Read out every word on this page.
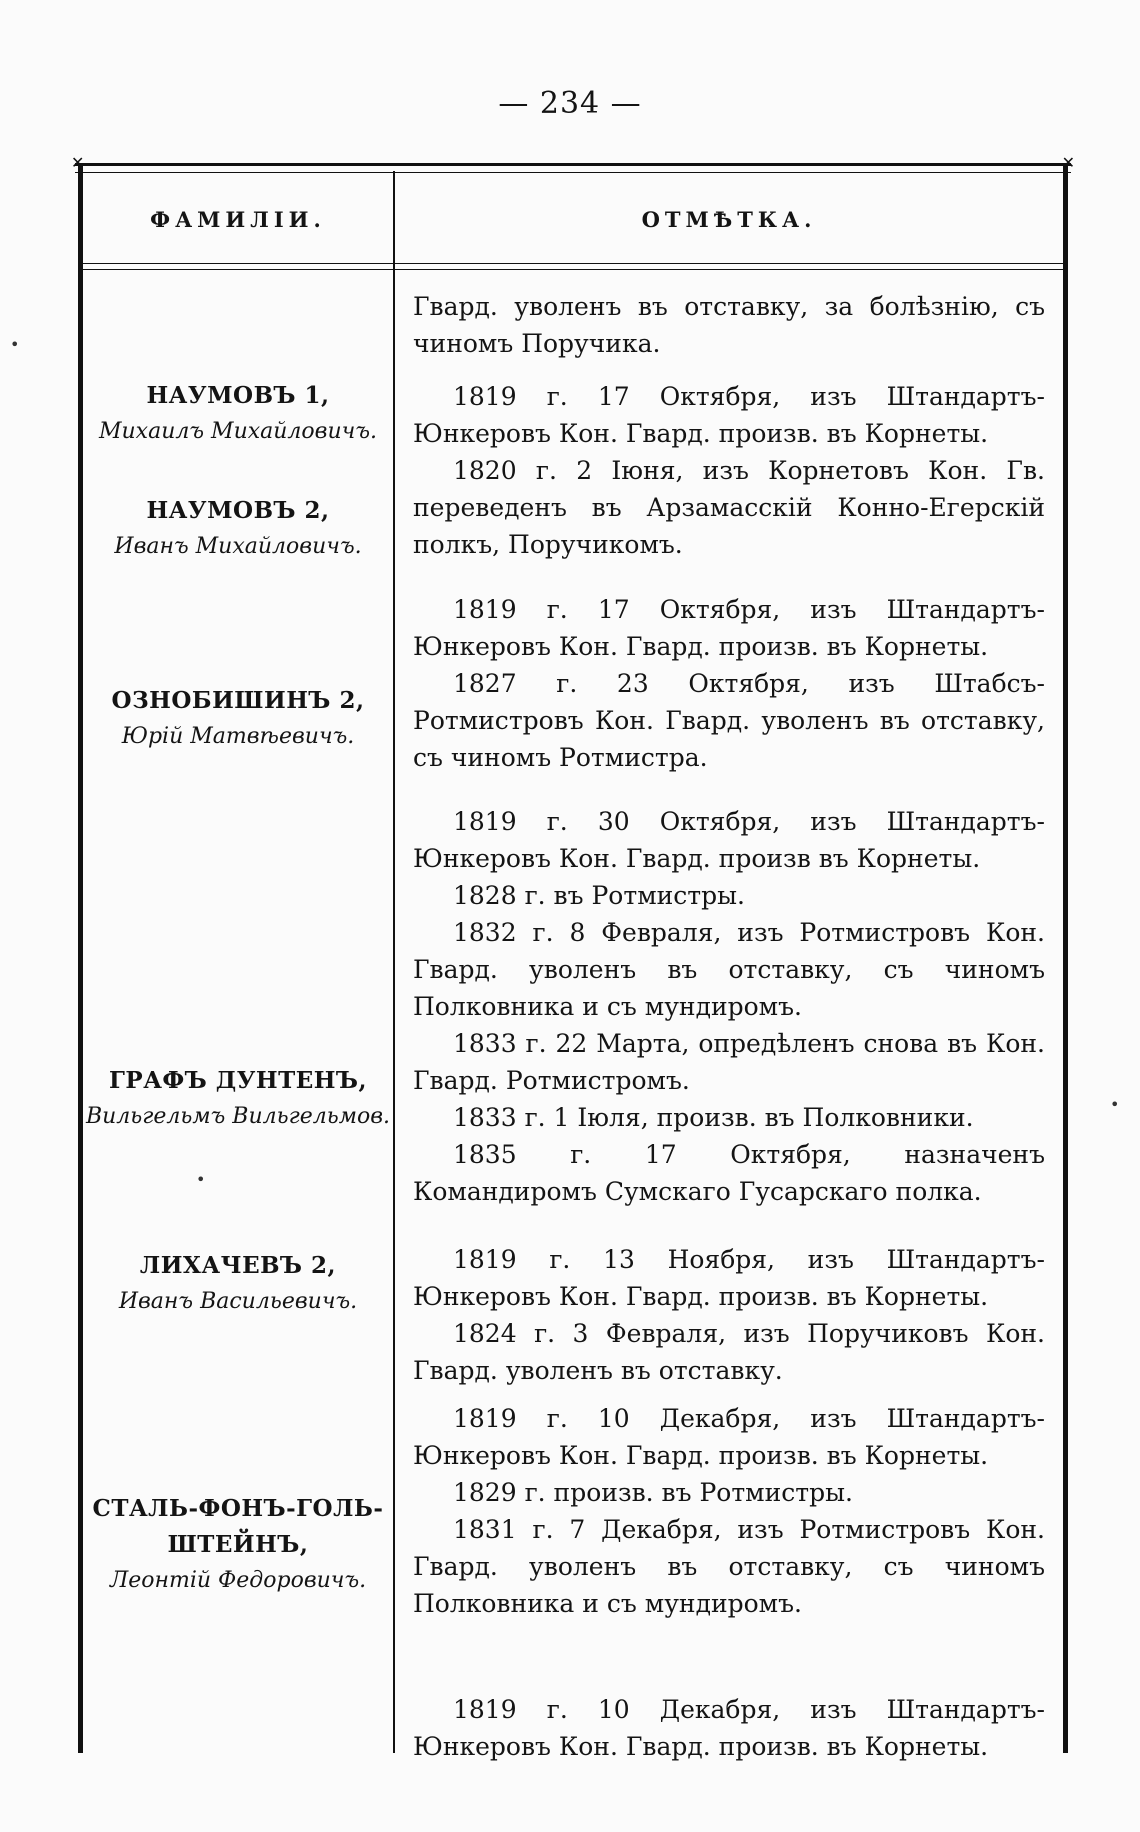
— 234 —
✕	✕
ФАМИЛІИ.	ОТМѢТКА.
НАУМОВЪ 1,
Михаилъ Михайловичъ.
НАУМОВЪ 2,
Иванъ Михайловичъ.
ОЗНОБИШИНЪ 2,
Юрій Матвѣевичъ.
ГРАФЪ ДУНТЕНЪ,
Вильгельмъ Вильгельмов.
ЛИХАЧЕВЪ 2,
Иванъ Васильевичъ.
СТАЛЬ-ФОНЪ-ГОЛЬ-ШТЕЙНЪ,
Леонтій Федоровичъ.

Гвард. уволенъ въ отставку, за болѣзнію, съ чиномъ Поручика.

1819 г. 17 Октября, изъ Штандартъ-Юнкеровъ Кон. Гвард. произв. въ Корнеты.

1820 г. 2 Іюня, изъ Корнетовъ Кон. Гв. переведенъ въ Арзамасскій Конно-Егерскій полкъ, Поручикомъ.

1819 г. 17 Октября, изъ Штандартъ-Юнкеровъ Кон. Гвард. произв. въ Корнеты.

1827 г. 23 Октября, изъ Штабсъ-Ротмистровъ Кон. Гвард. уволенъ въ отставку, съ чиномъ Ротмистра.

1819 г. 30 Октября, изъ Штандартъ-Юнкеровъ Кон. Гвард. произв въ Корнеты.

1828 г. въ Ротмистры.

1832 г. 8 Февраля, изъ Ротмистровъ Кон. Гвард. уволенъ въ отставку, съ чиномъ Полковника и съ мундиромъ.

1833 г. 22 Марта, опредѣленъ снова въ Кон. Гвард. Ротмистромъ.

1833 г. 1 Іюля, произв. въ Полковники.

1835 г. 17 Октября, назначенъ Командиромъ Сумскаго Гусарскаго полка.

1819 г. 13 Ноября, изъ Штандартъ-Юнкеровъ Кон. Гвард. произв. въ Корнеты.

1824 г. 3 Февраля, изъ Поручиковъ Кон. Гвард. уволенъ въ отставку.

1819 г. 10 Декабря, изъ Штандартъ-Юнкеровъ Кон. Гвард. произв. въ Корнеты.

1829 г. произв. въ Ротмистры.

1831 г. 7 Декабря, изъ Ротмистровъ Кон. Гвард. уволенъ въ отставку, съ чиномъ Полковника и съ мундиромъ.

1819 г. 10 Декабря, изъ Штандартъ-Юнкеровъ Кон. Гвард. произв. въ Корнеты.

•
•
•
